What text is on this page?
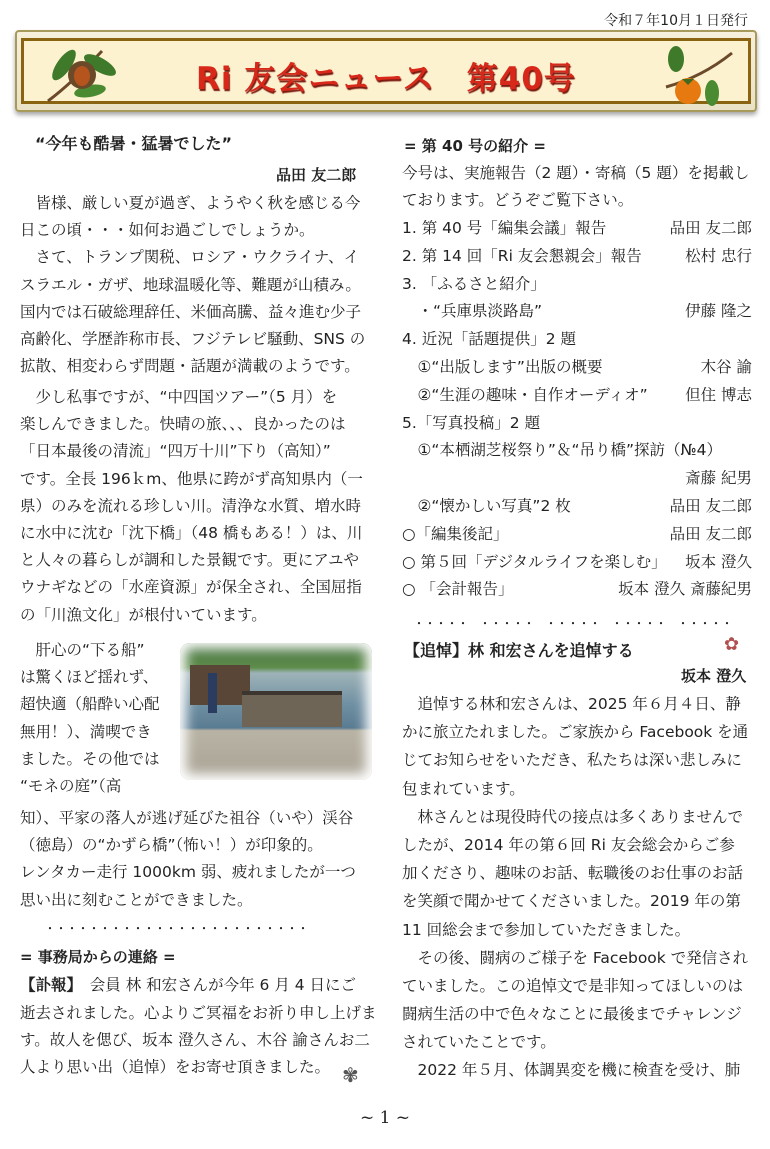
令和７年10月１日発行
Ri 友会ニュース　第40号
“今年も酷暑・猛暑でした”
品田 友二郎
　皆様、厳しい夏が過ぎ、ようやく秋を感じる今
日この頃・・・如何お過ごしでしょうか。
　さて、トランプ関税、ロシア・ウクライナ、イ
スラエル・ガザ、地球温暖化等、難題が山積み。
国内では石破総理辞任、米価高騰、益々進む少子
高齢化、学歴詐称市長、フジテレビ騒動、SNS の
拡散、相変わらず問題・話題が満載のようです。
　少し私事ですが、“中四国ツアー”（5 月）を
楽しんできました。快晴の旅、、、良かったのは
「日本最後の清流」“四万十川”下り（高知）”
です。全長 196ｋm、他県に跨がず高知県内（一
県）のみを流れる珍しい川。清浄な水質、増水時
に水中に沈む「沈下橋」（48 橋もある！）は、川
と人々の暮らしが調和した景観です。更にアユや
ウナギなどの「水産資源」が保全され、全国屈指
の「川漁文化」が根付いています。
　肝心の“下る船”
は驚くほど揺れず、
超快適（船酔い心配
無用！）、満喫でき
ました。その他では
“モネの庭”（高
知）、平家の落人が逃げ延びた祖谷（いや）渓谷
（徳島）の“かずら橋”（怖い！）が印象的。
レンタカー走行 1000km 弱、疲れましたが一つ
思い出に刻むことができました。
・・・・・・・・・・・・・・・・・・・・・・・・
= 事務局からの連絡 =
【訃報】　会員 林 和宏さんが今年 6 月 4 日にご
逝去されました。心よりご冥福をお祈り申し上げま
す。故人を偲び、坂本 澄久さん、木谷 諭さんお二
人より思い出（追悼）をお寄せ頂きました。 ✾
= 第 40 号の紹介 =
今号は、実施報告（2 題）・寄稿（5 題）を掲載し
ております。どうぞご覧下さい。
1. 第 40 号「編集会議」報告	品田 友二郎
2. 第 14 回「Ri 友会懇親会」報告	松村 忠行
3. 「ふるさと紹介」
　・“兵庫県淡路島”	伊藤 隆之
4. 近況「話題提供」2 題
　①“出版します”出版の概要	木谷 諭
　②“生涯の趣味・自作オーディオ” 但住 博志
5.「写真投稿」2 題
　①“本栖湖芝桜祭り”＆“吊り橋”探訪（№4）
斎藤 紀男
　②“懐かしい写真”2 枚	品田 友二郎
○「編集後記」	品田 友二郎
○ 第５回「デジタルライフを楽しむ」 坂本 澄久
○ 「会計報告」	坂本 澄久 斎藤紀男
・・・・・　・・・・・　・・・・・　・・・・・　・・・・・
【追悼】林 和宏さんを追悼する	✿
坂本 澄久
　追悼する林和宏さんは、2025 年６月４日、静
かに旅立たれました。ご家族から Facebook を通
じてお知らせをいただき、私たちは深い悲しみに
包まれています。
　林さんとは現役時代の接点は多くありませんで
したが、2014 年の第６回 Ri 友会総会からご参
加くださり、趣味のお話、転職後のお仕事のお話
を笑顔で聞かせてくださいました。2019 年の第
11 回総会まで参加していただきました。
　その後、闘病のご様子を Facebook で発信され
ていました。この追悼文で是非知ってほしいのは
闘病生活の中で色々なことに最後までチャレンジ
されていたことです。
　2022 年５月、体調異変を機に検査を受け、肺
~ 1 ~
